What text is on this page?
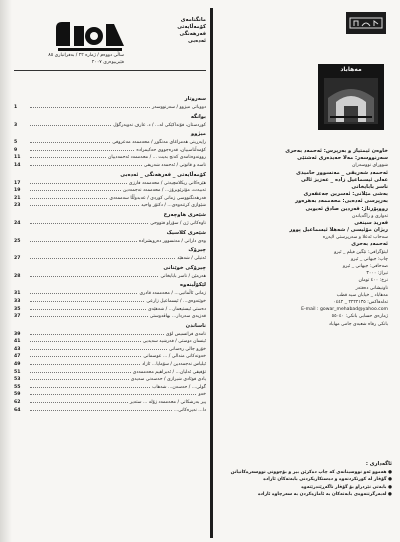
مانگنامەی
کۆمەڵایەتی
فەرهەنگی
ئەدەبی
ساڵی دووەم / ژمارە ٢٢ / بەفرانباری ٨٥
فێبرییوەری ٢٠٠٧
سەروتار
دووباتی میژوو / سەرنووسەر
1
بوانگە
کوردستان، فۆنداکێکی لە... / د. عارف نەوبەرگۆل
3
میژوو
راپەڕینی هەمزاغای مەنگوڕ / محەممەد مەعروفی
5
کۆمەڵناسییان، قەرەجووی حەکیمزادە
9
روونەوەنامەی کەنج بەیت ... / محەممەد ئەحمەدییان
11
ناسە و قانونی / ئەحمەد شەریفی
14
کۆمەڵایەتی _ فەرهەنگی _ ئەدەبی
هێزەکانی ریکلامچیەتی / محەممەد فارزی
17
تەبیەت، مۆترێوبرۆز... / محەممەد نەجمەدین
19
فەرهەنگنووسی زمانی کوردی / عەبدوڵڵا سەممەدی
21
شێوازی کرتنەوەی... / دکتۆر واحید
23
شێعری هاوچەرخ
ناوەکانی ژن / سۆراو فتووحی
24
شێعری کلاسیک
وەی دارانی / مەنسوور دەرویشزادە
25
چیرۆک
ئەنیلی / شەهێد
27
چیرۆکی خوێنانی
هەرمێن / ناسر بابایخانی
28
لێکۆڵینەوە
زمانی ئاڵمانیی... / محەممەد قادری
31
خوێنەوەی... / ئیسماعیل زارعی
33
دەستی ئیستیعمار... / شەهێدی
35
قەزیەی سەردار... بهاڤدوستی
37
ناساندن
نامەی فرانسیس لۆی
39
ئینسان دوستی / فەرشید سەیدیی
41
خۆرو جالی رەسانی
43
خەونەکانی مندالی / ... عوسمانی
47
ئیلیاس نەجمەدین / سۆمایا... ئازاد
49
تۆفیقی ئەلیان... / ئەبراهیم محەممەدی
51
یادی فوئادی شیرازی / حەسەنی سەیدی
53
گولی... / حەسەن... شەهاب
55
خەو
59
پیر بەرشکاتی / محەممەد زۆلە ... ستەیر
62
دا... نەیرەکانی...
64
مەهاباد
خاوەن ئیمتیاز و بەرپرس: ئەحمەد بەحری
سەرنووسەر: مەلا حەیدەری ئەشتێی
شوورای نووسەران
ئەحمەد شەریفی _ مەنسوور حامیدی
عەلی ئیسماعیل زادە _ عەزیز ئالی
ناسر بابایخانی
بەشی مێلانی: ئەسرین جەعفەری
بەرپرسی ئەدەبی: محەممەد بەهرەور
رووپۆرتاژ: فەردین صادق ئەیوبی
تەواری و راگەیاندن
فەرید سینغی
ریژان مۆئیسی / شەهلا ئیسماعیل پوور
سەحاب ئەعلا و سەرپرستی لاپەڕە
ئەحمەد بەحری
لیتۆگرافی: نێگین فیلم _ ئیرو
چاپ: جیهانی _ ئیرو
صەحافی: جیهانی _ ئیرو
تیراژ: ٣٠٠٠
نرخ: ٤٠٠ تومان
ناونیشانی دەفتەر
مەهاباد _ خیابان سید قطب
تەلەفاکس: ٢٢٢٢١٣٥ _ ٠٤٤٢
E-mail : gowar_mehabad@yahoo.com
ژمارەی حسابی بانکی: ٥٥٠٤٠
بانکی رفاه شعبەی جامی مهاباد
ئاگەداری :
● هەموو ئەو نووسینانەی کە چاپ دەکرێن بیر و بۆچوونی نووسەرەکانیانن
● گۆڤار لە کورتکردنەوە و دەستکاریکردنی بابەتەکان ئازادە
● بابەتی نێردراو بۆ گۆڤار ناگەڕێندرێتەوە
● لەبەرگرتنەوەی بابەتەکان بە ئاماژەکردن بە سەرچاوە ئازادە
